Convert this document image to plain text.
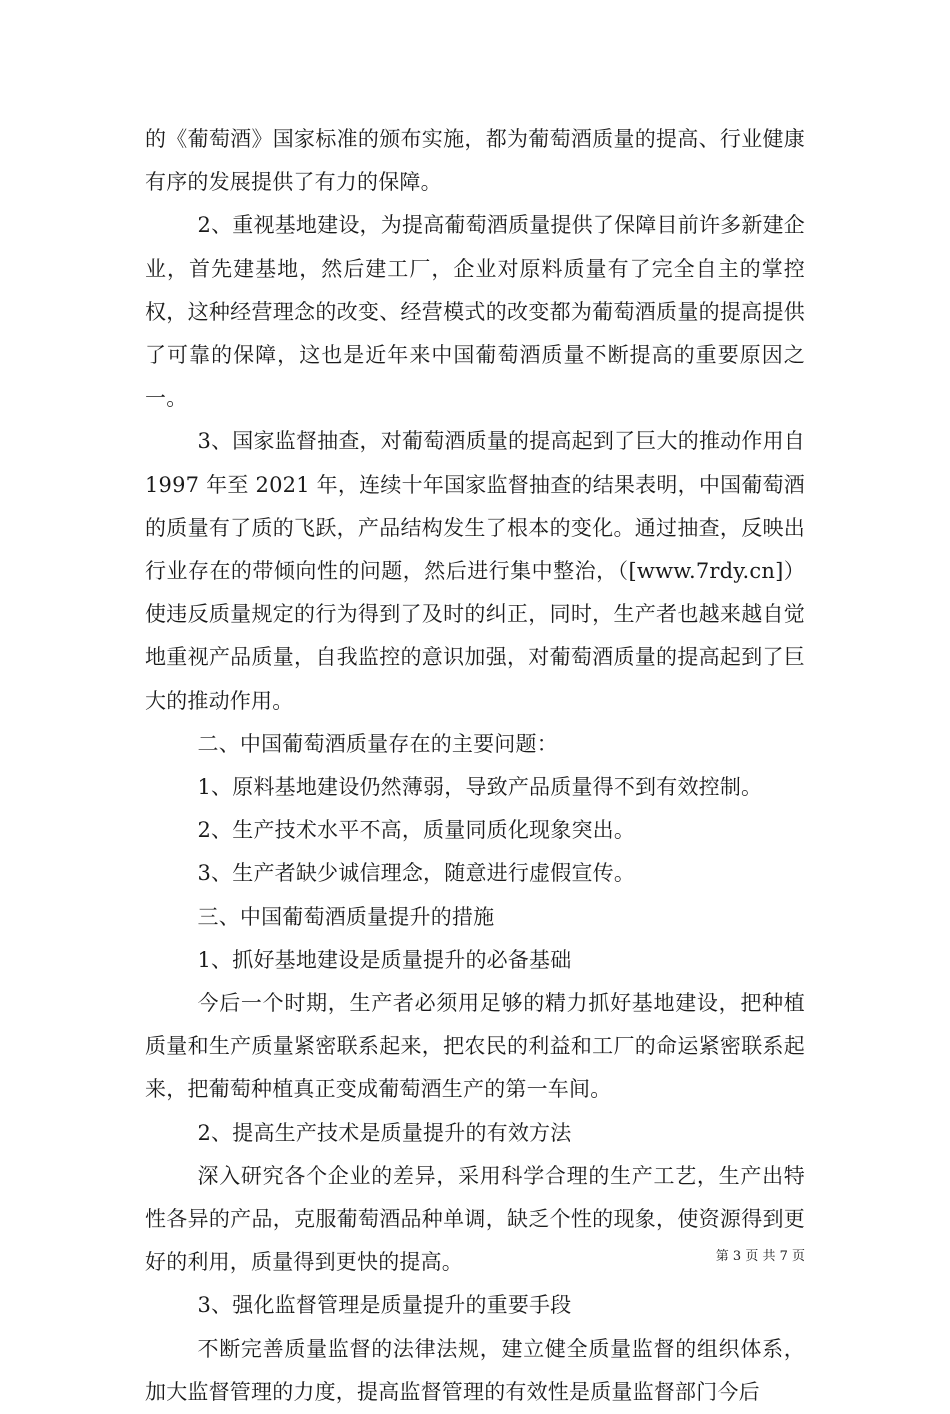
的《葡萄酒》国家标准的颁布实施，都为葡萄酒质量的提高、行业健康有序的发展提供了有力的保障。

2、重视基地建设，为提高葡萄酒质量提供了保障目前许多新建企业，首先建基地，然后建工厂，企业对原料质量有了完全自主的掌控权，这种经营理念的改变、经营模式的改变都为葡萄酒质量的提高提供了可靠的保障，这也是近年来中国葡萄酒质量不断提高的重要原因之一。

3、国家监督抽查，对葡萄酒质量的提高起到了巨大的推动作用自 1997 年至 2021 年，连续十年国家监督抽查的结果表明，中国葡萄酒的质量有了质的飞跃，产品结构发生了根本的变化。通过抽查，反映出行业存在的带倾向性的问题，然后进行集中整治，（[www.7rdy.cn]）使违反质量规定的行为得到了及时的纠正，同时，生产者也越来越自觉地重视产品质量，自我监控的意识加强，对葡萄酒质量的提高起到了巨大的推动作用。

二、中国葡萄酒质量存在的主要问题：

1、原料基地建设仍然薄弱，导致产品质量得不到有效控制。

2、生产技术水平不高，质量同质化现象突出。

3、生产者缺少诚信理念，随意进行虚假宣传。

三、中国葡萄酒质量提升的措施

1、抓好基地建设是质量提升的必备基础

今后一个时期，生产者必须用足够的精力抓好基地建设，把种植质量和生产质量紧密联系起来，把农民的利益和工厂的命运紧密联系起来，把葡萄种植真正变成葡萄酒生产的第一车间。

2、提高生产技术是质量提升的有效方法

深入研究各个企业的差异，采用科学合理的生产工艺，生产出特性各异的产品，克服葡萄酒品种单调，缺乏个性的现象，使资源得到更好的利用，质量得到更快的提高。

3、强化监督管理是质量提升的重要手段

不断完善质量监督的法律法规，建立健全质量监督的组织体系，加大监督管理的力度，提高监督管理的有效性是质量监督部门今后

第 3 页 共 7 页
